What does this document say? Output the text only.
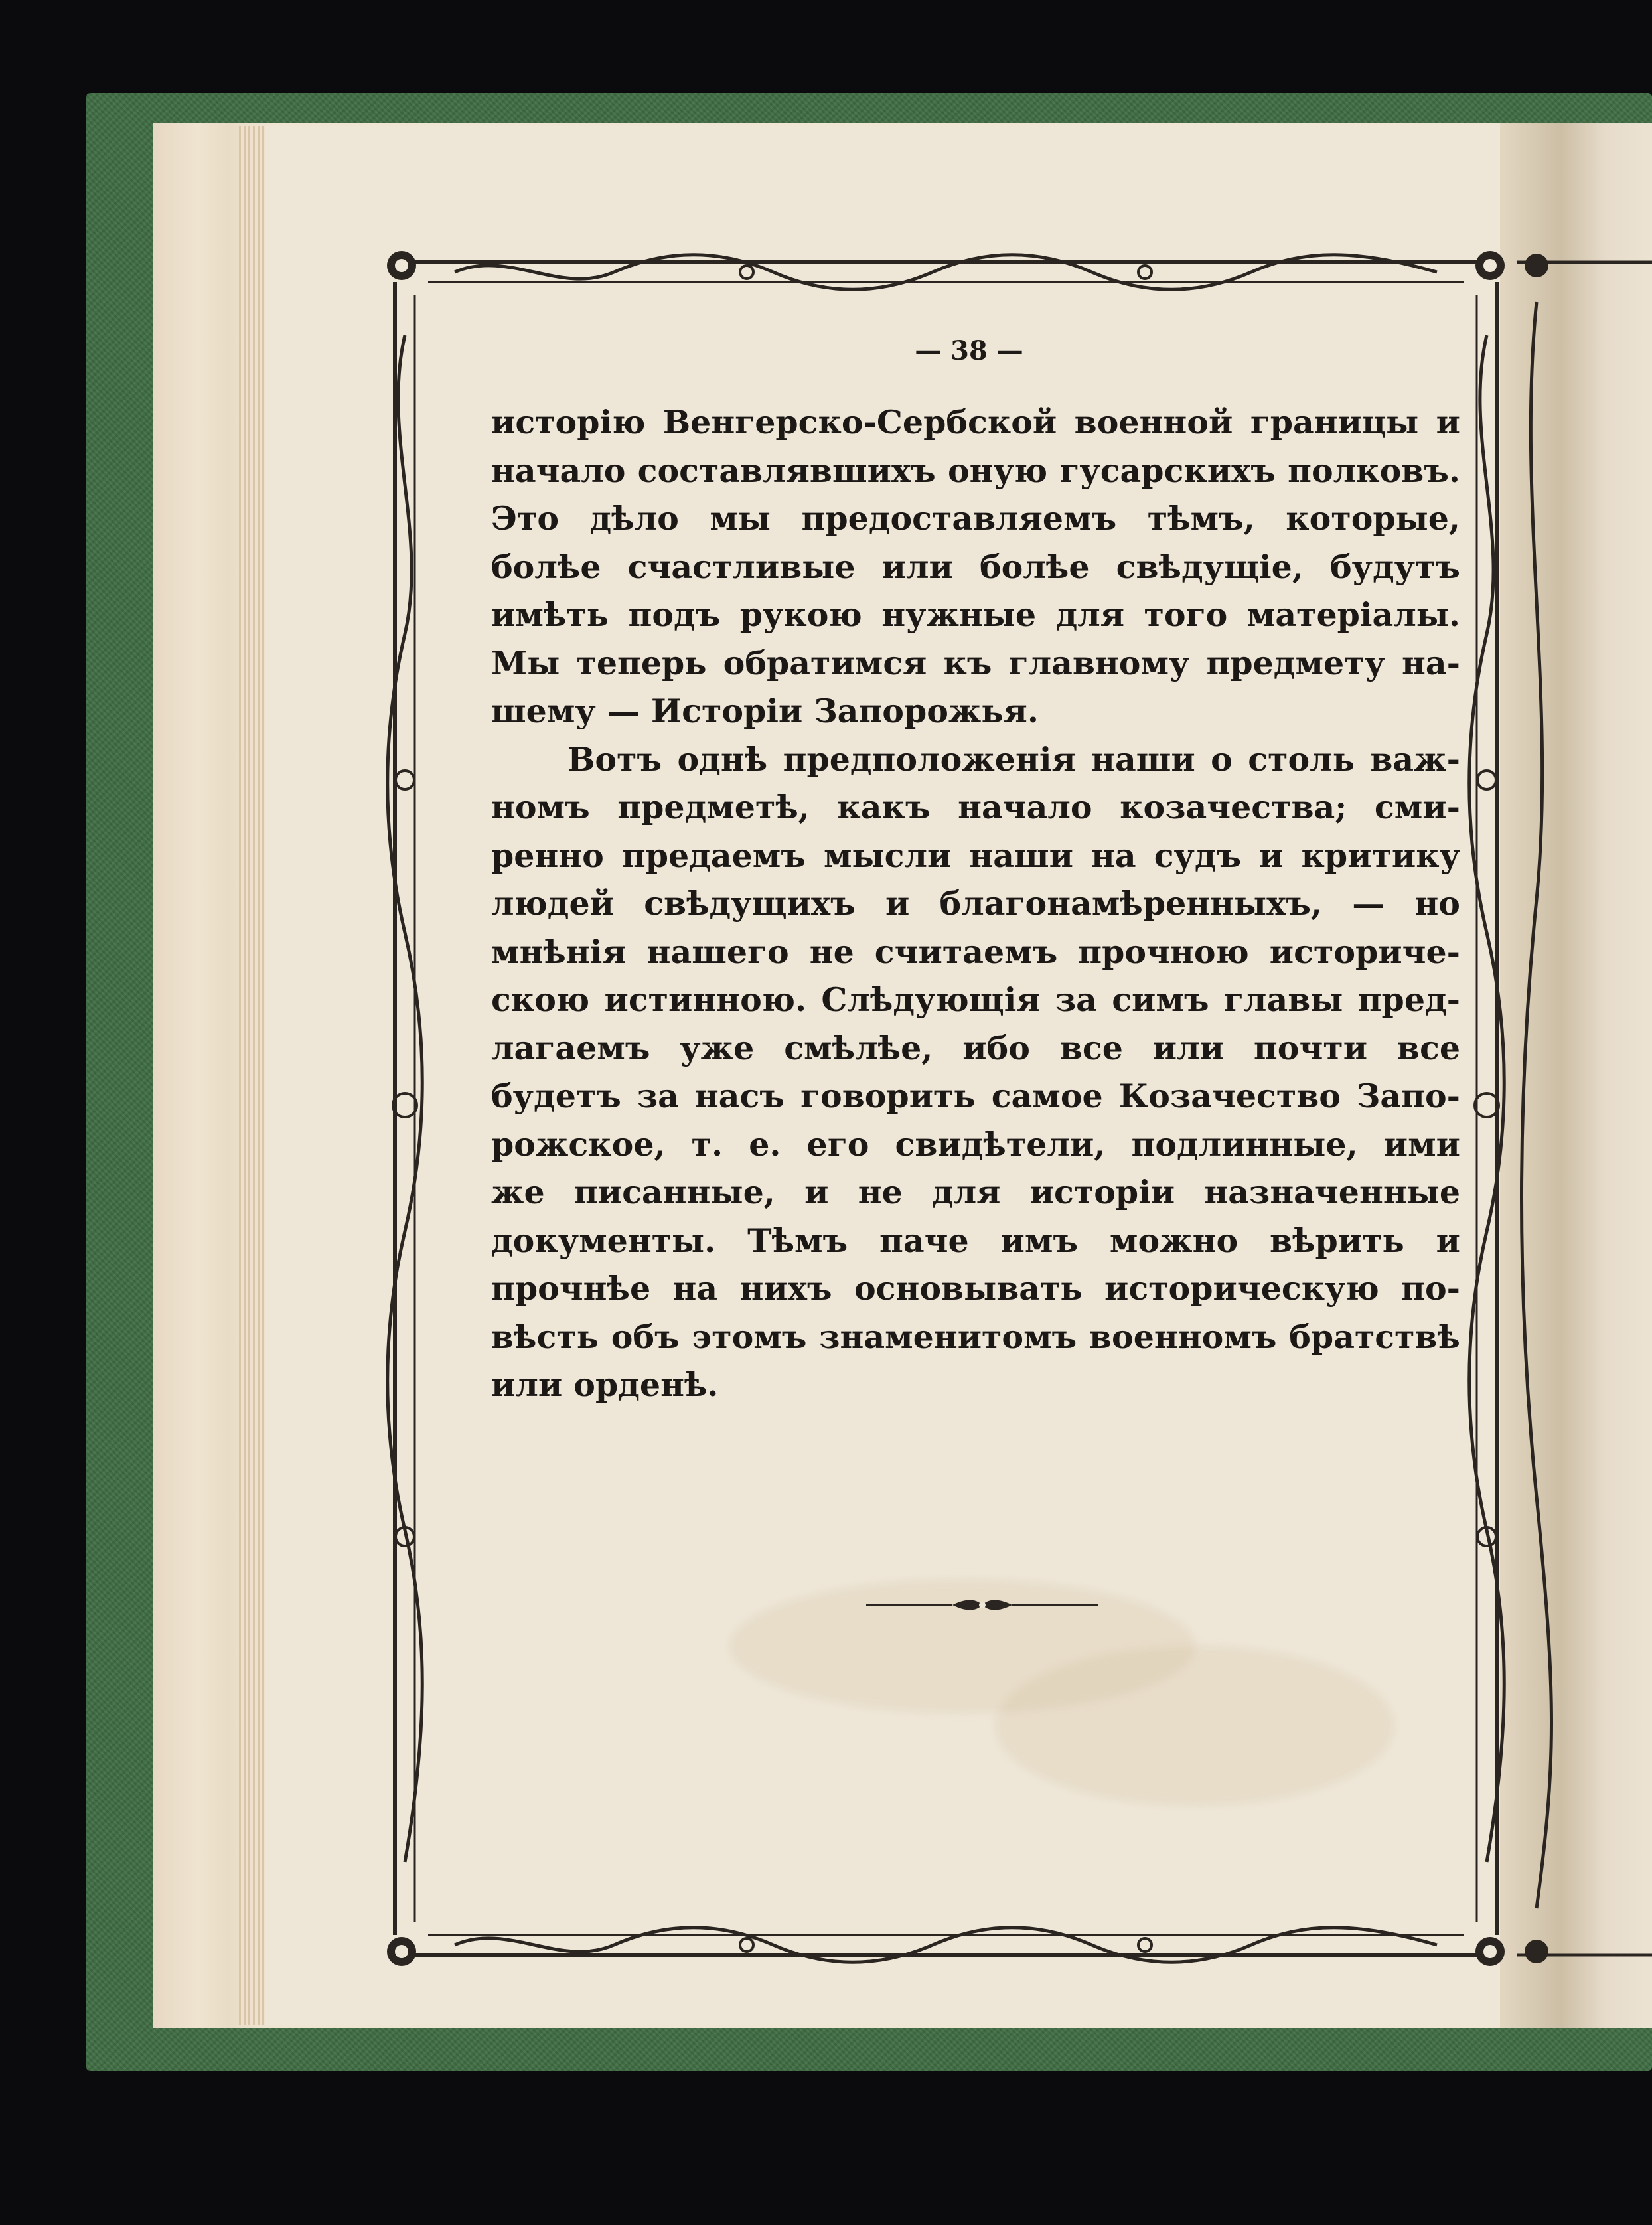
— 38 —
исторію Венгерско-Сербской военной границы и
начало составлявшихъ оную гусарскихъ полковъ.
Это дѣло мы предоставляемъ тѣмъ, которые,
болѣе счастливые или болѣе свѣдущіе, будутъ
имѣть подъ рукою нужные для того матеріалы.
Мы теперь обратимся къ главному предмету на-
шему — Исторіи Запорожья.
Вотъ однѣ предположенія наши о столь важ-
номъ предметѣ, какъ начало козачества; сми-
ренно предаемъ мысли наши на судъ и критику
людей свѣдущихъ и благонамѣренныхъ, — но
мнѣнія нашего не считаемъ прочною историче-
скою истинною. Слѣдующія за симъ главы пред-
лагаемъ уже смѣлѣе, ибо все или почти все
будетъ за насъ говорить самое Козачество Запо-
рожское, т. е. его свидѣтели, подлинные, ими
же писанные, и не для исторіи назначенные
документы. Тѣмъ паче имъ можно вѣрить и
прочнѣе на нихъ основывать историческую по-
вѣсть объ этомъ знаменитомъ военномъ братствѣ
или орденѣ.
